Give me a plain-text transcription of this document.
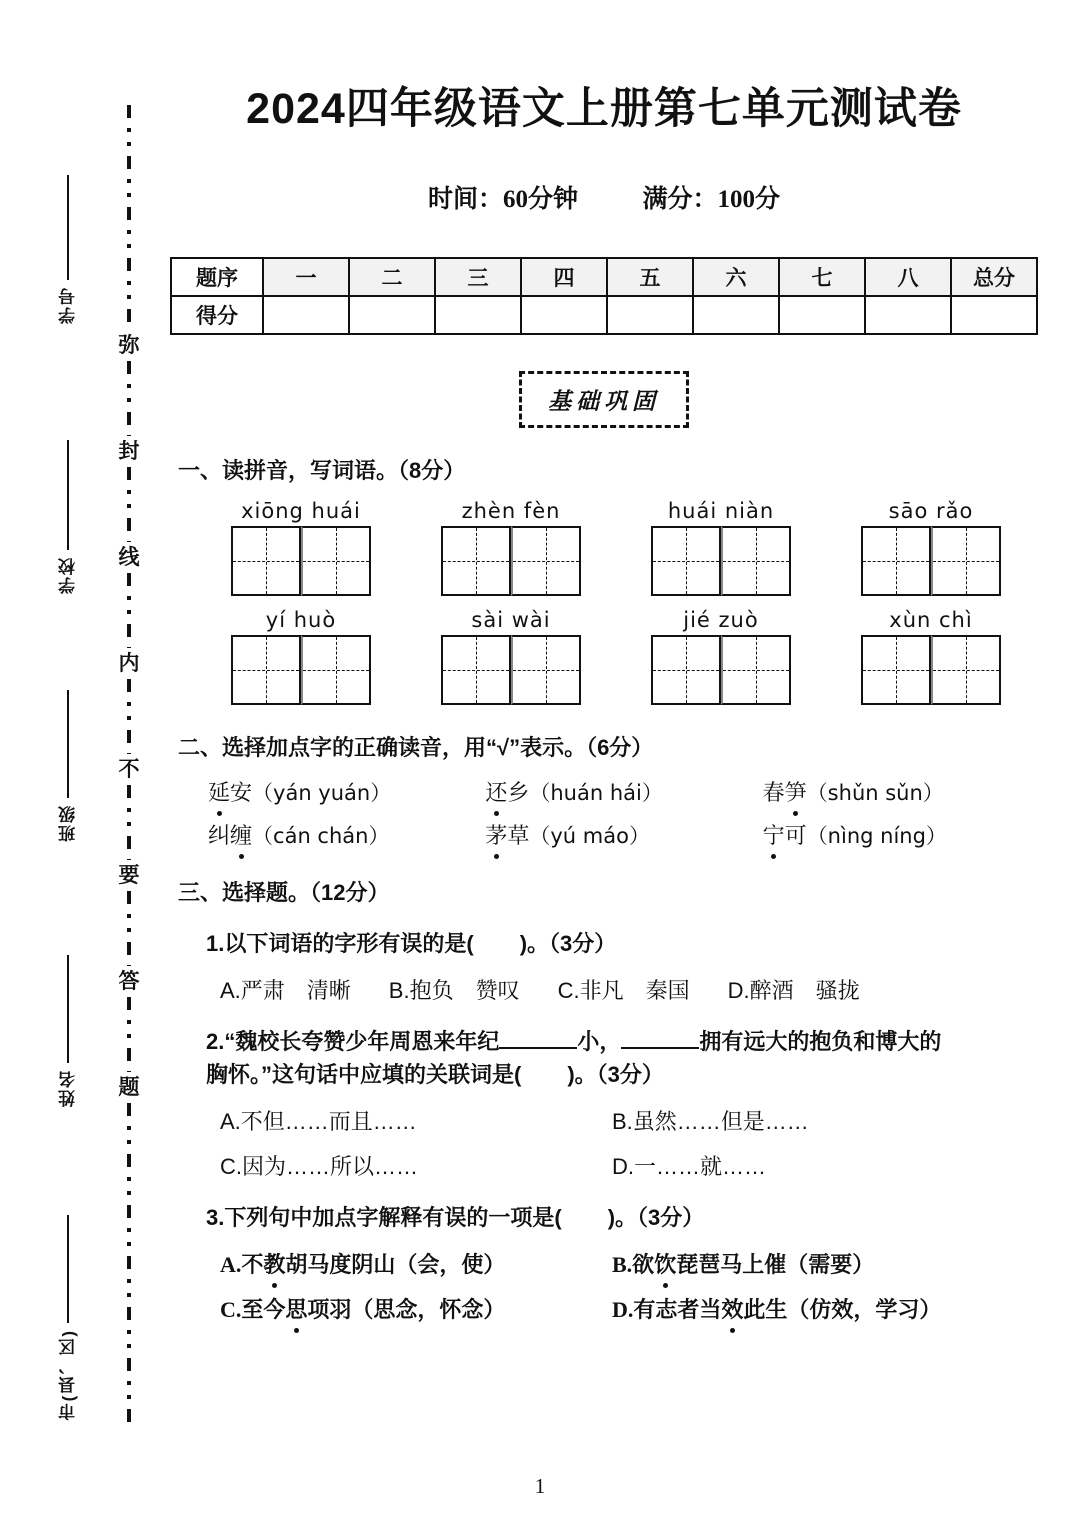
学号
学校
班级
姓名
市(县、区)
弥
封
线
内
不
要
答
题
2024四年级语文上册第七单元测试卷
时间：60分钟	满分：100分
题序	一	二	三	四	五	六	七	八	总分
得分									
基础巩固
一、读拼音，写词语。（8分）
xiōng huái	zhèn fèn	huái niàn	sāo rǎo
yí huò	sài wài	jié zuò	xùn chì
二、选择加点字的正确读音，用“√”表示。（6分）
延安（yán yuán）	还乡（huán hái）	春笋（shǔn sǔn）
纠缠（cán chán）	茅草（yú máo）	宁可（nìng níng）
三、选择题。（12分）
1.以下词语的字形有误的是( )。（3分）
A.严肃　清晰 B.抱负　赞叹 C.非凡　秦国 D.醉酒　骚拢
2.“魏校长夸赞少年周恩来年纪	小，	拥有远大的抱负和博大的
胸怀。”这句话中应填的关联词是( )。（3分）
A.不但……而且……	B.虽然……但是……
C.因为……所以……	D.一……就……
3.下列句中加点字解释有误的一项是( )。（3分）
A.不教胡马度阴山（会，使）	B.欲饮琵琶马上催（需要）
C.至今思项羽（思念，怀念）	D.有志者当效此生（仿效，学习）
1
